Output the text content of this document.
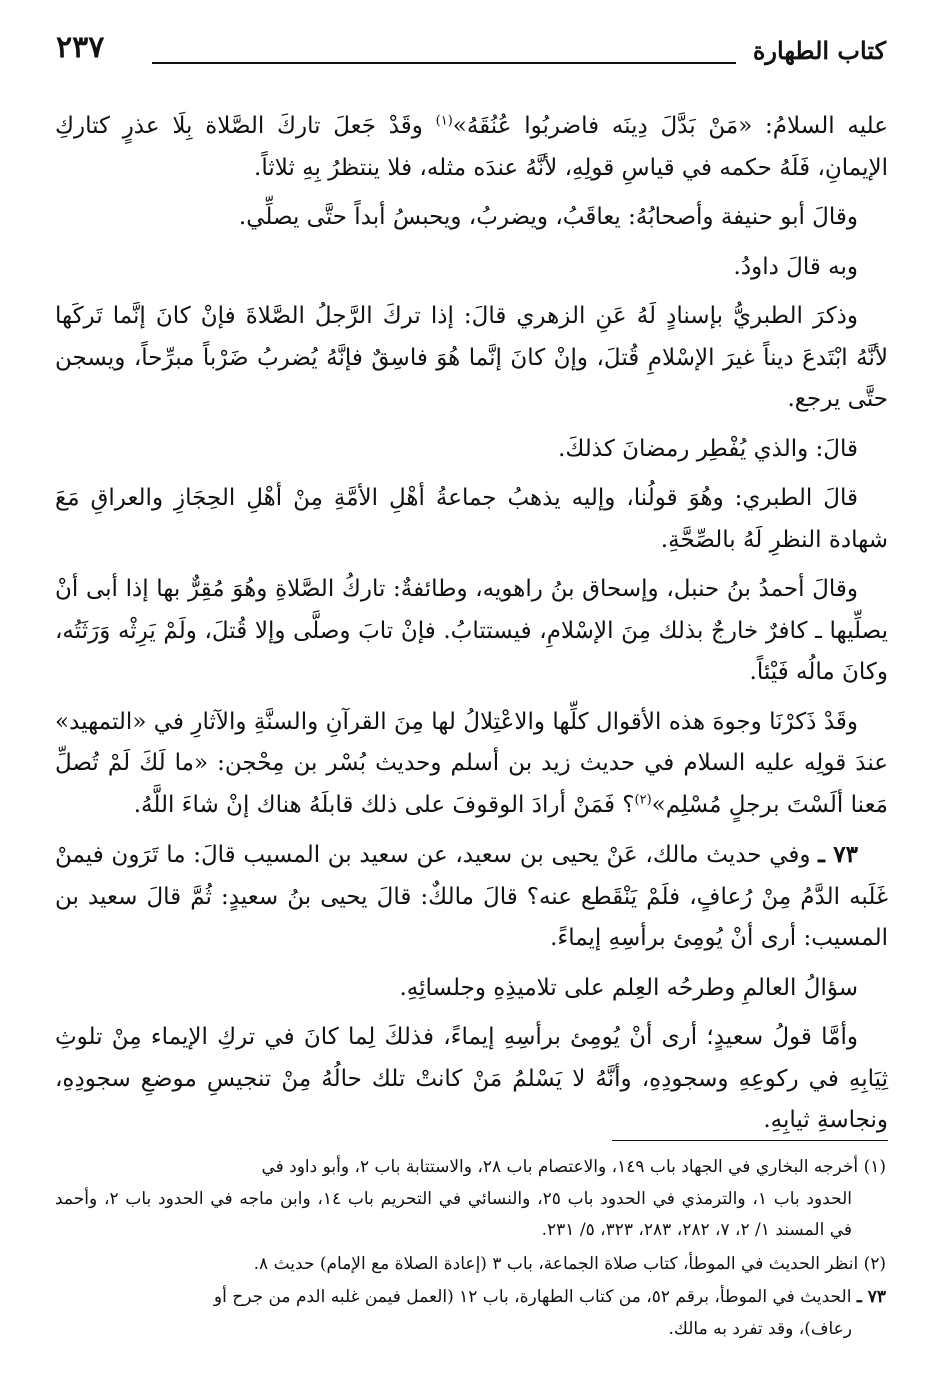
كتاب الطهارة
٢٣٧

عليه السلامُ: «مَنْ بَدَّلَ دِينَه فاضربُوا عُنُقَهُ»$^{(١)}$ وقَدْ جَعلَ تاركَ الصَّلاة بِلَا عذرٍ كتاركِ الإيمانِ، فَلَهُ حكمه في قياسِ قولِهِ، لأنَّهُ عندَه مثله، فلا ينتظرُ بِهِ ثلاثاً.

وقالَ أبو حنيفة وأصحابُهُ: يعاقَبُ، ويضربُ، ويحبسُ أبداً حتَّى يصلِّي.

وبه قالَ داودُ.

وذكرَ الطبريُّ بإسنادٍ لَهُ عَنِ الزهري قالَ: إذا تركَ الرَّجلُ الصَّلاةَ فإنْ كانَ إنَّما تَركَها لأنَّهُ ابْتَدعَ ديناً غيرَ الإسْلامِ قُتلَ، وإنْ كانَ إنَّما هُوَ فاسِقٌ فإنَّهُ يُضربُ ضَرْباً مبرِّحاً، ويسجن حتَّى يرجع.

قالَ: والذي يُفْطِر رمضانَ كذلكَ.

قالَ الطبري: وهُوَ قولُنا، وإليه يذهبُ جماعةُ أهْلِ الأمَّةِ مِنْ أهْلِ الحِجَازِ والعراقِ مَعَ شهادة النظرِ لَهُ بالصِّحَّةِ.

وقالَ أحمدُ بنُ حنبل، وإسحاق بنُ راهويه، وطائفةٌ: تاركُ الصَّلاةِ وهُوَ مُقِرٌّ بها إذا أبى أنْ يصلِّيها ـ كافرٌ خارجٌ بذلك مِنَ الإسْلامِ، فيستتابُ. فإنْ تابَ وصلَّى وإلا قُتلَ، ولَمْ يَرِثْه وَرَثَتُه، وكانَ مالُه فَيْئاً.

وقَدْ ذَكرْنَا وجوهَ هذه الأقوال كلِّها والاعْتِلالُ لها مِنَ القرآنِ والسنَّةِ والآثارِ في «التمهيد» عندَ قولِه عليه السلام في حديث زيد بن أسلم وحديث بُسْر بن مِحْجن: «ما لَكَ لَمْ تُصلِّ مَعنا ألَسْتَ برجلٍ مُسْلِم»$^{(٢)}$؟ فَمَنْ أرادَ الوقوفَ على ذلك قابلَهُ هناك إنْ شاءَ اللَّهُ.

٧٣ ـ وفي حديث مالك، عَنْ يحيى بن سعيد، عن سعيد بن المسيب قالَ: ما تَرَون فيمنْ غَلَبه الدَّمُ مِنْ رُعافٍ، فلَمْ يَنْقَطع عنه؟ قالَ مالكٌ: قالَ يحيى بنُ سعيدٍ: ثُمَّ قالَ سعيد بن المسيب: أرى أنْ يُومِئ برأسِهِ إيماءً.

سؤالُ العالمِ وطرحُه العِلم على تلاميذِهِ وجلسائِهِ.

وأمَّا قولُ سعيدٍ؛ أرى أنْ يُومِئ برأسِهِ إيماءً، فذلكَ لِما كانَ في تركِ الإيماء مِنْ تلوثِ ثِيَابِهِ في ركوعِهِ وسجودِهِ، وأنَّهُ لا يَسْلمُ مَنْ كانتْ تلك حالُهُ مِنْ تنجيسِ موضعِ سجودِهِ، ونجاسةِ ثيابِهِ.

(١) أخرجه البخاري في الجهاد باب ١٤٩، والاعتصام باب ٢٨، والاستتابة باب ٢، وأبو داود في
الحدود باب ١، والترمذي في الحدود باب ٢٥، والنسائي في التحريم باب ١٤، وابن ماجه في الحدود باب ٢، وأحمد في المسند ١/ ٢، ٧، ٢٨٢، ٢٨٣، ٣٢٣، ٥/ ٢٣١.
(٢) انظر الحديث في الموطأ، كتاب صلاة الجماعة، باب ٣ (إعادة الصلاة مع الإمام) حديث ٨.
٧٣ ـ الحديث في الموطأ، برقم ٥٢، من كتاب الطهارة، باب ١٢ (العمل فيمن غلبه الدم من جرح أو
رعاف)، وقد تفرد به مالك.
